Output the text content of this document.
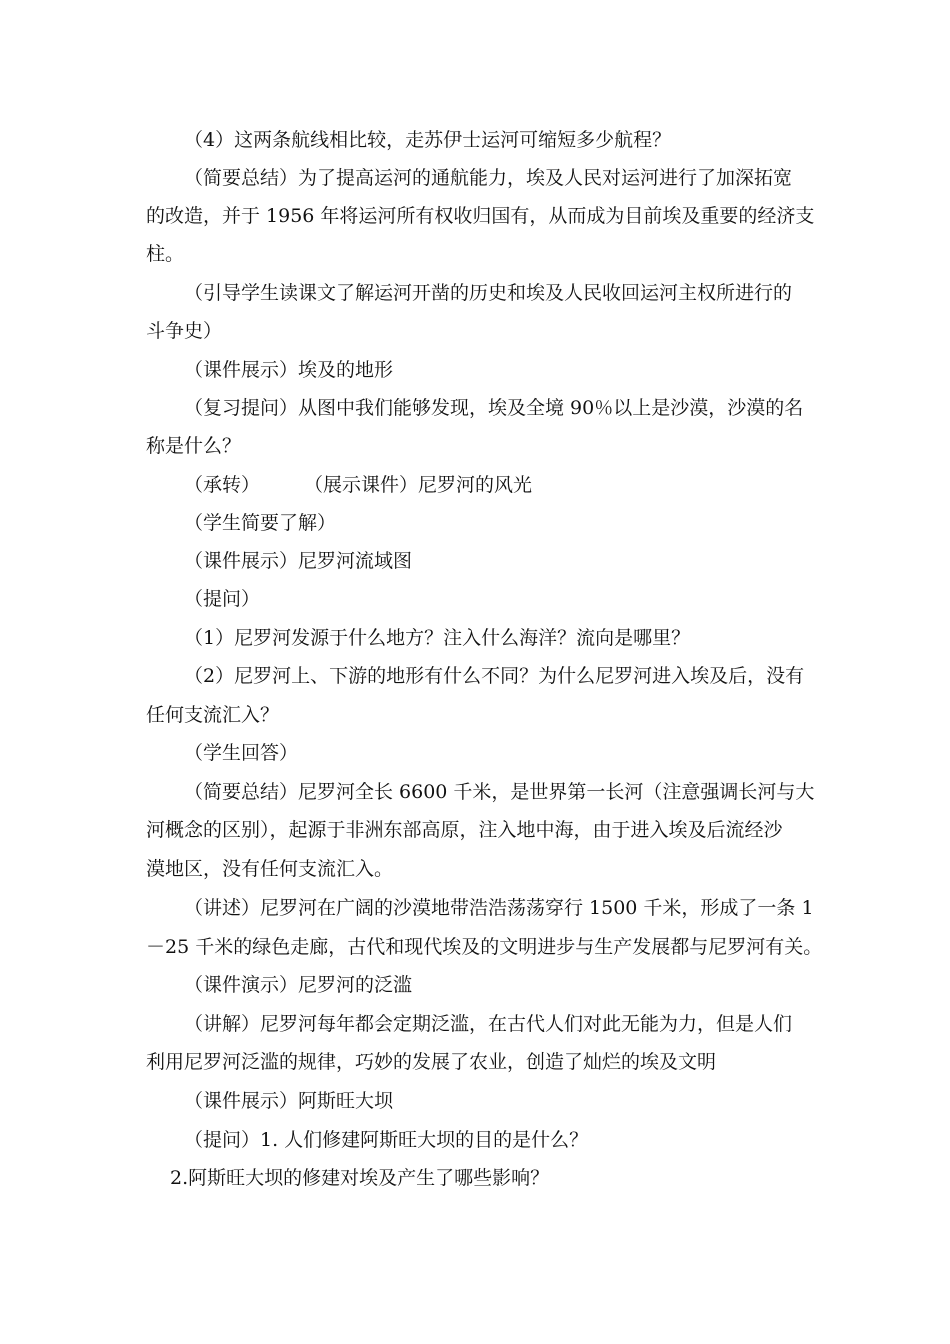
（4）这两条航线相比较，走苏伊士运河可缩短多少航程？
（简要总结）为了提高运河的通航能力，埃及人民对运河进行了加深拓宽
的改造，并于 1956 年将运河所有权收归国有，从而成为目前埃及重要的经济支
柱。
（引导学生读课文了解运河开凿的历史和埃及人民收回运河主权所进行的
斗争史）
（课件展示）埃及的地形
（复习提问）从图中我们能够发现，埃及全境 90％以上是沙漠，沙漠的名
称是什么？
（承转） （展示课件）尼罗河的风光
（学生简要了解）
（课件展示）尼罗河流域图
（提问）
（1）尼罗河发源于什么地方？注入什么海洋？流向是哪里？
（2）尼罗河上、下游的地形有什么不同？为什么尼罗河进入埃及后，没有
任何支流汇入？
（学生回答）
（简要总结）尼罗河全长 6600 千米，是世界第一长河（注意强调长河与大
河概念的区别），起源于非洲东部高原，注入地中海，由于进入埃及后流经沙
漠地区，没有任何支流汇入。
（讲述）尼罗河在广阔的沙漠地带浩浩荡荡穿行 1500 千米，形成了一条 1
－25 千米的绿色走廊，古代和现代埃及的文明进步与生产发展都与尼罗河有关。
（课件演示）尼罗河的泛滥
（讲解）尼罗河每年都会定期泛滥，在古代人们对此无能为力，但是人们
利用尼罗河泛滥的规律，巧妙的发展了农业，创造了灿烂的埃及文明
（课件展示）阿斯旺大坝
（提问）1. 人们修建阿斯旺大坝的目的是什么？
2.阿斯旺大坝的修建对埃及产生了哪些影响？
